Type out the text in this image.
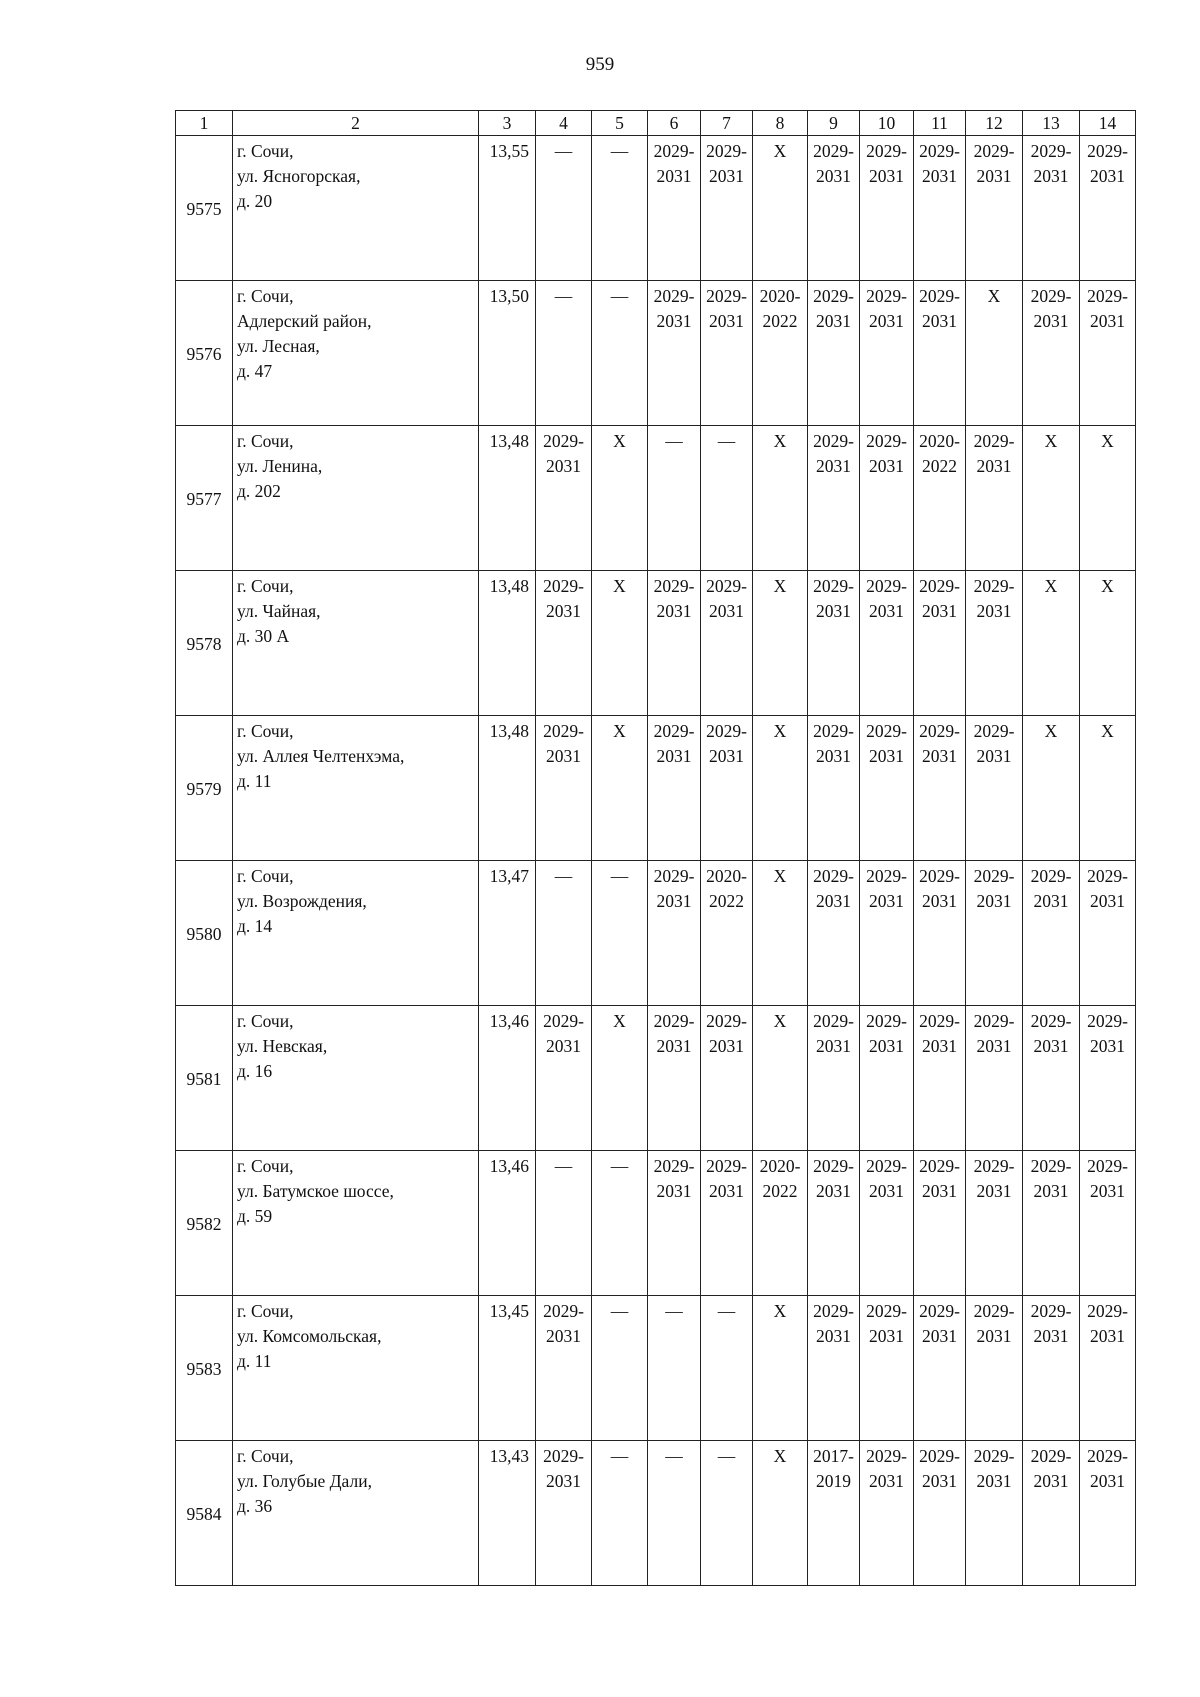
959
1	2	3	4	5	6	7	8	9	10	11	12	13	14
9575	г. Сочи,
ул. Ясногорская,
д. 20	13,55	—	—	2029-
2031	2029-
2031	X	2029-
2031	2029-
2031	2029-
2031	2029-
2031	2029-
2031	2029-
2031

9576	г. Сочи,
Адлерский район,
ул. Лесная,
д. 47	13,50	—	—	2029-
2031	2029-
2031	2020-
2022	2029-
2031	2029-
2031	2029-
2031	X	2029-
2031	2029-
2031

9577	г. Сочи,
ул. Ленина,
д. 202	13,48	2029-
2031	X	—	—	X	2029-
2031	2029-
2031	2020-
2022	2029-
2031	X	X
9578	г. Сочи,
ул. Чайная,
д. 30 А	13,48	2029-
2031	X	2029-
2031	2029-
2031	X	2029-
2031	2029-
2031	2029-
2031	2029-
2031	X	X
9579	г. Сочи,
ул. Аллея Челтенхэма,
д. 11	13,48	2029-
2031	X	2029-
2031	2029-
2031	X	2029-
2031	2029-
2031	2029-
2031	2029-
2031	X	X
9580	г. Сочи,
ул. Возрождения,
д. 14	13,47	—	—	2029-
2031	2020-
2022	X	2029-
2031	2029-
2031	2029-
2031	2029-
2031	2029-
2031	2029-
2031

9581	г. Сочи,
ул. Невская,
д. 16	13,46	2029-
2031	X	2029-
2031	2029-
2031	X	2029-
2031	2029-
2031	2029-
2031	2029-
2031	2029-
2031	2029-
2031

9582	г. Сочи,
ул. Батумское шоссе,
д. 59	13,46	—	—	2029-
2031	2029-
2031	2020-
2022	2029-
2031	2029-
2031	2029-
2031	2029-
2031	2029-
2031	2029-
2031

9583	г. Сочи,
ул. Комсомольская,
д. 11	13,45	2029-
2031	—	—	—	X	2029-
2031	2029-
2031	2029-
2031	2029-
2031	2029-
2031	2029-
2031

9584	г. Сочи,
ул. Голубые Дали,
д. 36	13,43	2029-
2031	—	—	—	X	2017-
2019	2029-
2031	2029-
2031	2029-
2031	2029-
2031	2029-
2031
